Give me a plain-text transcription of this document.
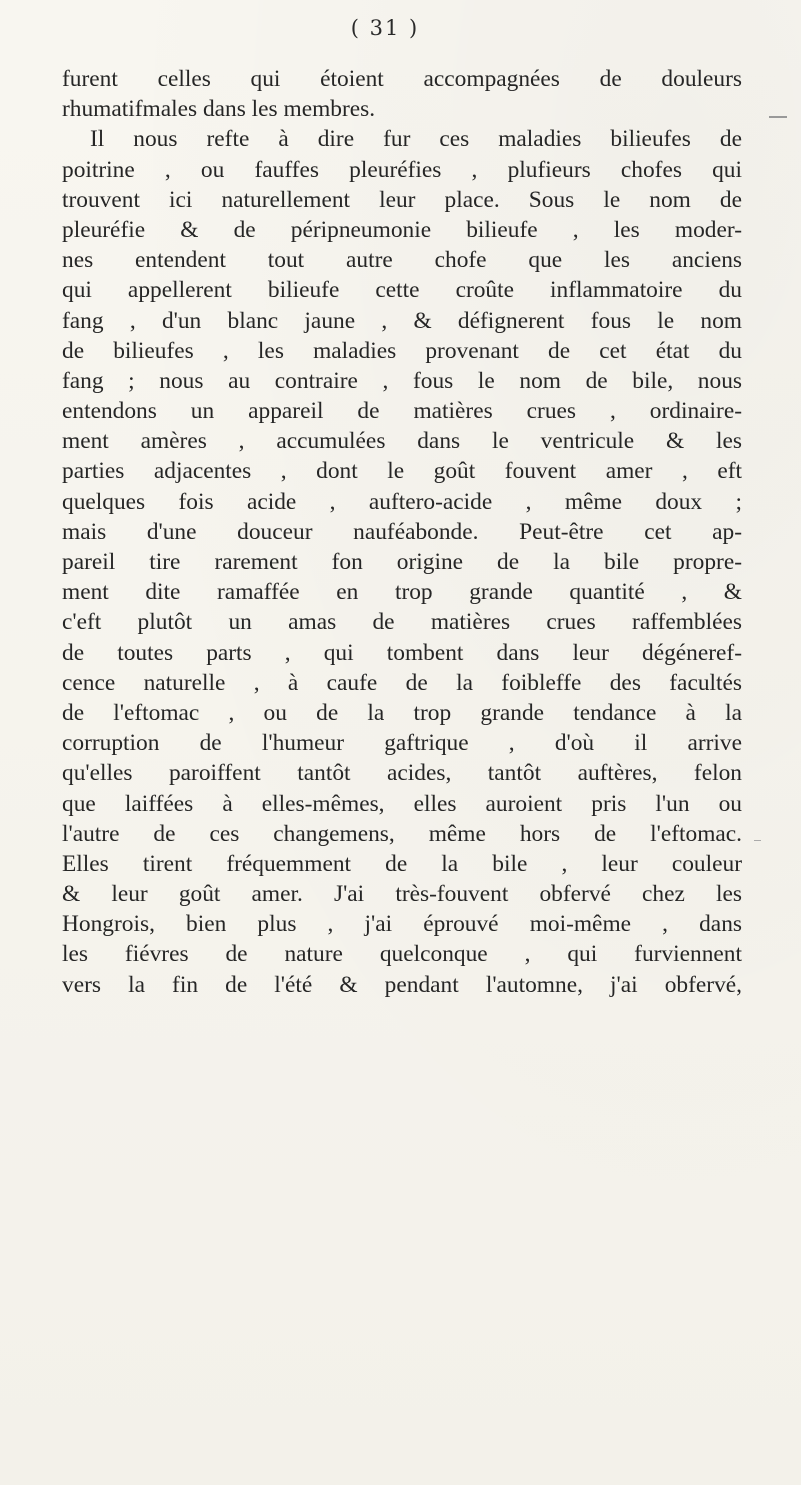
( 31 )
furent celles qui étoient accompagnées de douleurs
rhumatifmales dans les membres.
Il nous refte à dire fur ces maladies bilieufes de
poitrine , ou fauffes pleuréfies , plufieurs chofes qui
trouvent ici naturellement leur place. Sous le nom de
pleuréfie & de péripneumonie bilieufe , les moder-
nes entendent tout autre chofe que les anciens
qui appellerent bilieufe cette croûte inflammatoire du
fang , d'un blanc jaune , & défignerent fous le nom
de bilieufes , les maladies provenant de cet état du
fang ; nous au contraire , fous le nom de bile, nous
entendons un appareil de matières crues , ordinaire-
ment amères , accumulées dans le ventricule & les
parties adjacentes , dont le goût fouvent amer , eft
quelques fois acide , auftero-acide , même doux ;
mais d'une douceur nauféabonde. Peut-être cet ap-
pareil tire rarement fon origine de la bile propre-
ment dite ramaffée en trop grande quantité , &
c'eft plutôt un amas de matières crues raffemblées
de toutes parts , qui tombent dans leur dégéneref-
cence naturelle , à caufe de la foibleffe des facultés
de l'eftomac , ou de la trop grande tendance à la
corruption de l'humeur gaftrique , d'où il arrive
qu'elles paroiffent tantôt acides, tantôt auftères, felon
que laiffées à elles-mêmes, elles auroient pris l'un ou
l'autre de ces changemens, même hors de l'eftomac.
Elles tirent fréquemment de la bile , leur couleur
& leur goût amer. J'ai très-fouvent obfervé chez les
Hongrois, bien plus , j'ai éprouvé moi-même , dans
les fiévres de nature quelconque , qui furviennent
vers la fin de l'été & pendant l'automne, j'ai obfervé,
